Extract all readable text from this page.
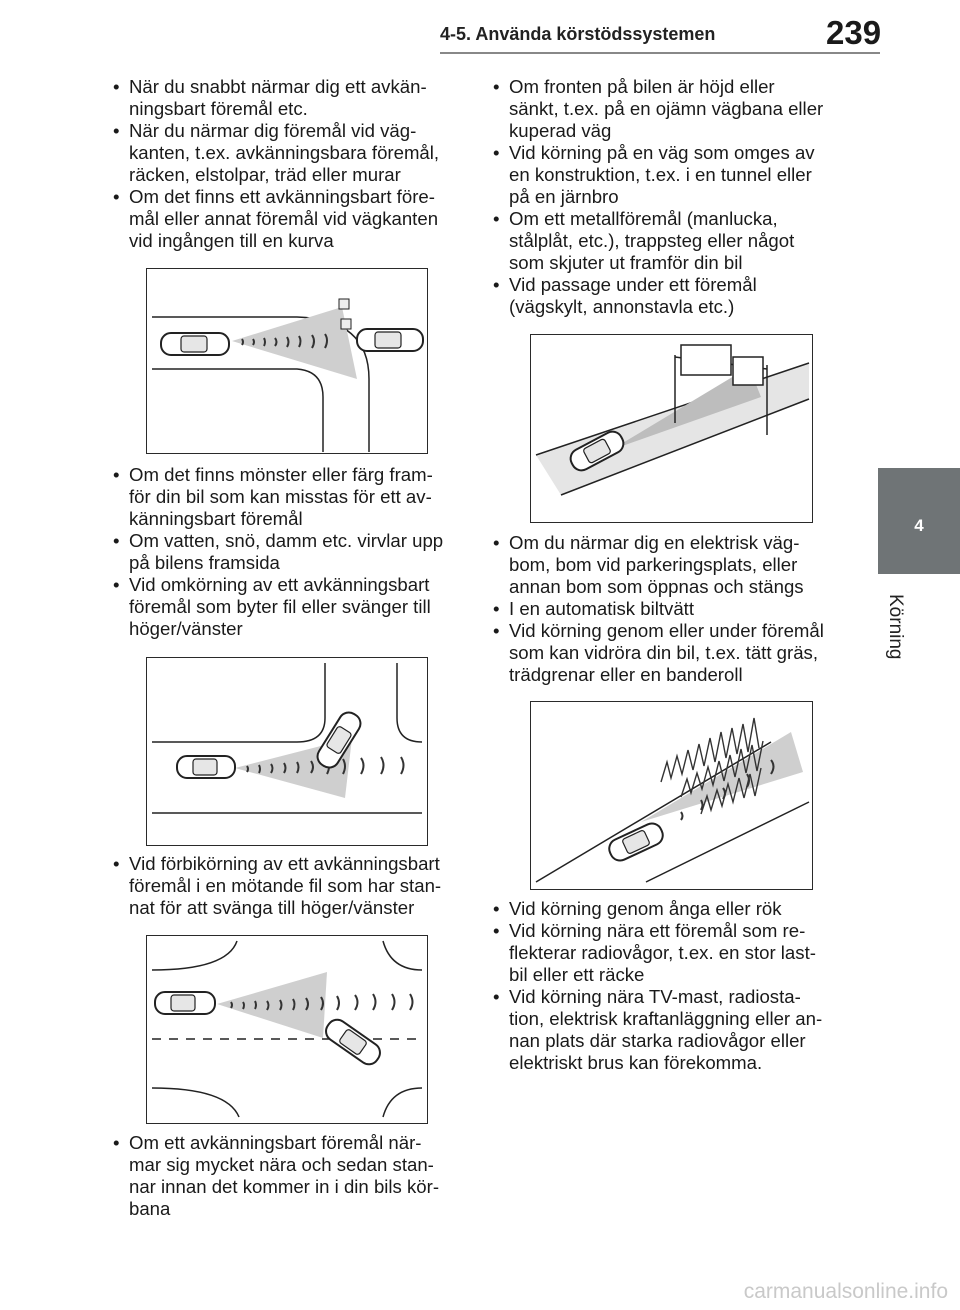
4-5. Använda körstödssystemen	239
4
Körning
• När du snabbt närmar dig ett avkän-
ningsbart föremål etc.
• När du närmar dig föremål vid väg-
kanten, t.ex. avkänningsbara föremål,
räcken, elstolpar, träd eller murar
• Om det finns ett avkänningsbart före-
mål eller annat föremål vid vägkanten
vid ingången till en kurva
• Om det finns mönster eller färg fram-
för din bil som kan misstas för ett av-
känningsbart föremål
• Om vatten, snö, damm etc. virvlar upp
på bilens framsida
• Vid omkörning av ett avkänningsbart
föremål som byter fil eller svänger till
höger/vänster
• Vid förbikörning av ett avkänningsbart
föremål i en mötande fil som har stan-
nat för att svänga till höger/vänster
• Om ett avkänningsbart föremål när-
mar sig mycket nära och sedan stan-
nar innan det kommer in i din bils kör-
bana
• Om fronten på bilen är höjd eller
sänkt, t.ex. på en ojämn vägbana eller
kuperad väg
• Vid körning på en väg som omges av
en konstruktion, t.ex. i en tunnel eller
på en järnbro
• Om ett metallföremål (manlucka,
stålplåt, etc.), trappsteg eller något
som skjuter ut framför din bil
• Vid passage under ett föremål
(vägskylt, annonstavla etc.)
• Om du närmar dig en elektrisk väg-
bom, bom vid parkeringsplats, eller
annan bom som öppnas och stängs
• I en automatisk biltvätt
• Vid körning genom eller under föremål
som kan vidröra din bil, t.ex. tätt gräs,
trädgrenar eller en banderoll
• Vid körning genom ånga eller rök
• Vid körning nära ett föremål som re-
flekterar radiovågor, t.ex. en stor last-
bil eller ett räcke
• Vid körning nära TV-mast, radiosta-
tion, elektrisk kraftanläggning eller an-
nan plats där starka radiovågor eller
elektriskt brus kan förekomma.
carmanualsonline.info
